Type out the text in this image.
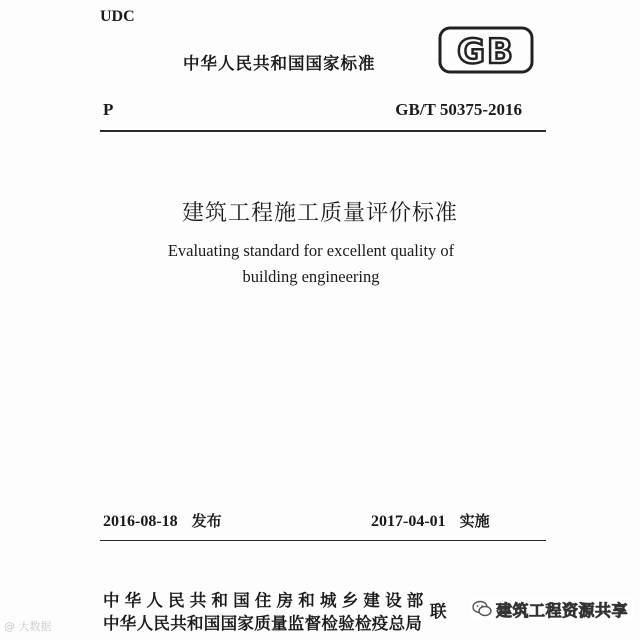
UDC
中华人民共和国国家标准 GB
P	GB/T 50375-2016
建筑工程施工质量评价标准
Evaluating standard for excellent quality of
building engineering
2016-08-18 发布	2017-04-01 实施
中华人民共和国住房和城乡建设部
中华人民共和国国家质量监督检验检疫总局
联
@ 大数据
建筑工程资源共享
